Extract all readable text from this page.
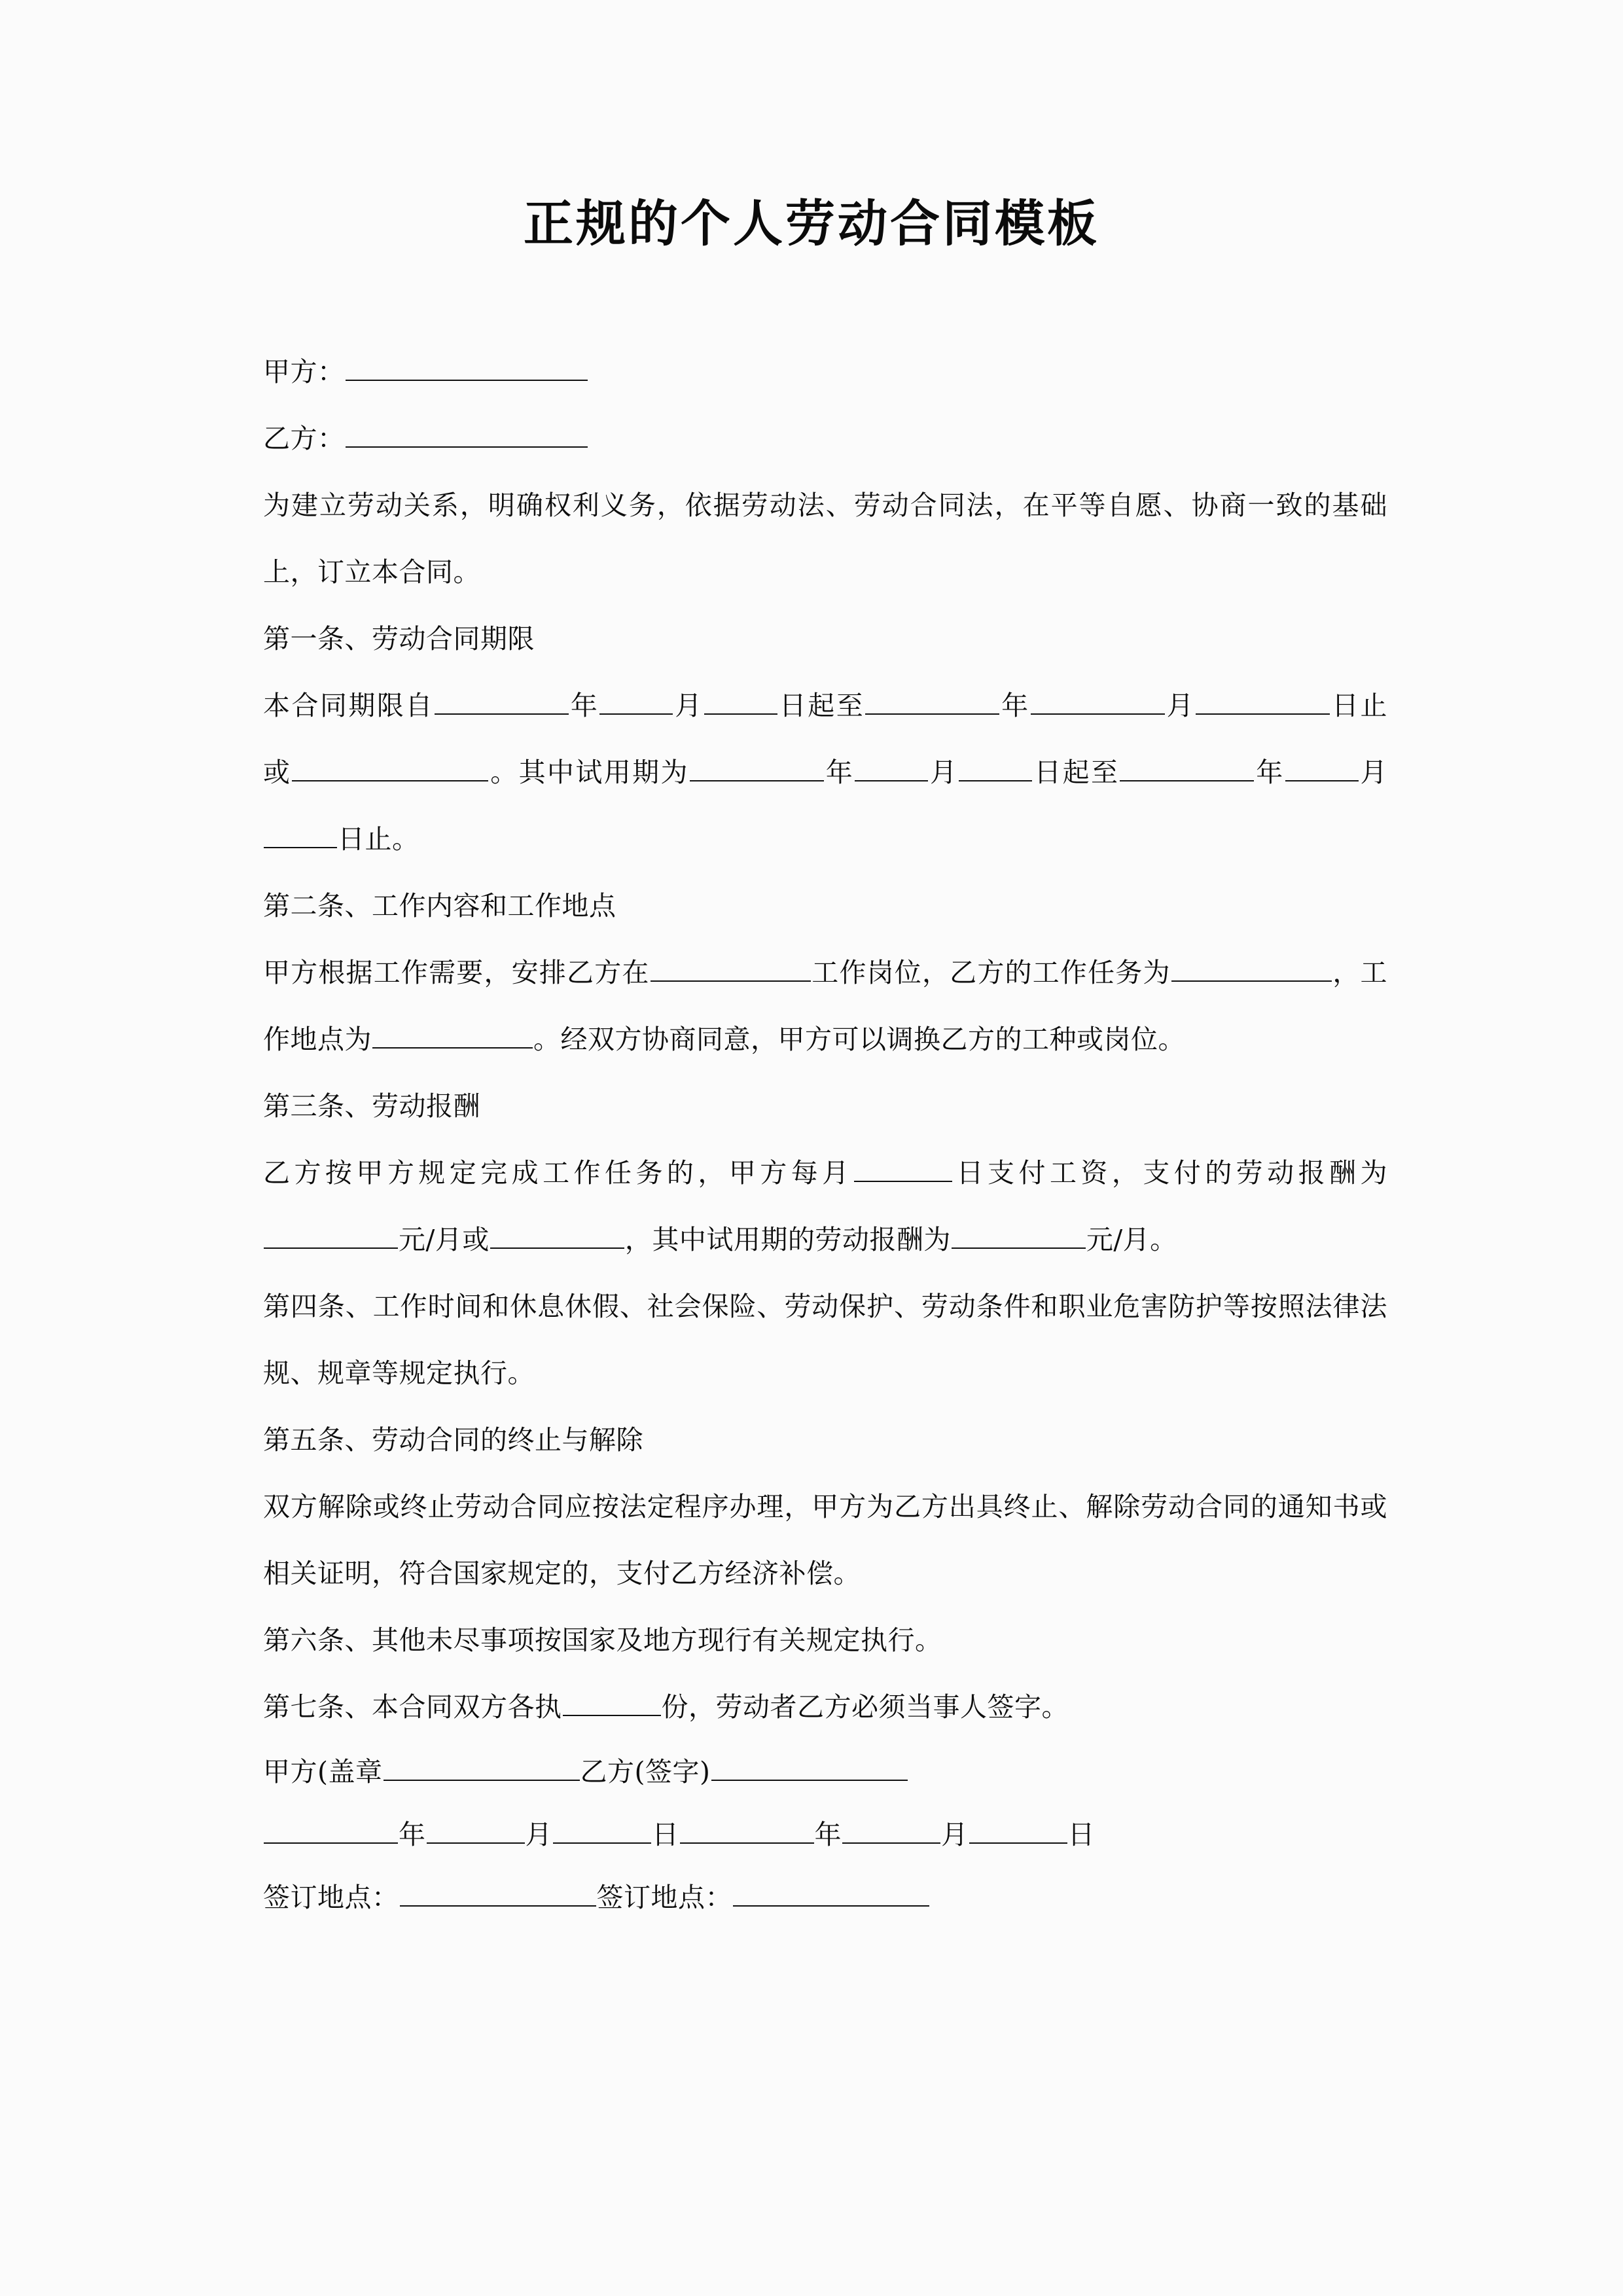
正规的个人劳动合同模板

甲方：

乙方：

为建立劳动关系，明确权利义务，依据劳动法、劳动合同法，在平等自愿、协商一致的基础上，订立本合同。

第一条、劳动合同期限

本合同期限自	年	月	日起至	年	月	日止或	。其中试用期为	年	月	日起至	年	月日止。

第二条、工作内容和工作地点

甲方根据工作需要，安排乙方在	工作岗位，乙方的工作任务为	，工作地点为	。经双方协商同意，甲方可以调换乙方的工种或岗位。

第三条、劳动报酬

乙方按甲方规定完成工作任务的，甲方每月	日支付工资，支付的劳动报酬为元/月或	，其中试用期的劳动报酬为	元/月。

第四条、工作时间和休息休假、社会保险、劳动保护、劳动条件和职业危害防护等按照法律法规、规章等规定执行。

第五条、劳动合同的终止与解除

双方解除或终止劳动合同应按法定程序办理，甲方为乙方出具终止、解除劳动合同的通知书或相关证明，符合国家规定的，支付乙方经济补偿。

第六条、其他未尽事项按国家及地方现行有关规定执行。

第七条、本合同双方各执	份，劳动者乙方必须当事人签字。

甲方(盖章	乙方(签字)

年	月	日	年	月	日

签订地点：	签订地点：
